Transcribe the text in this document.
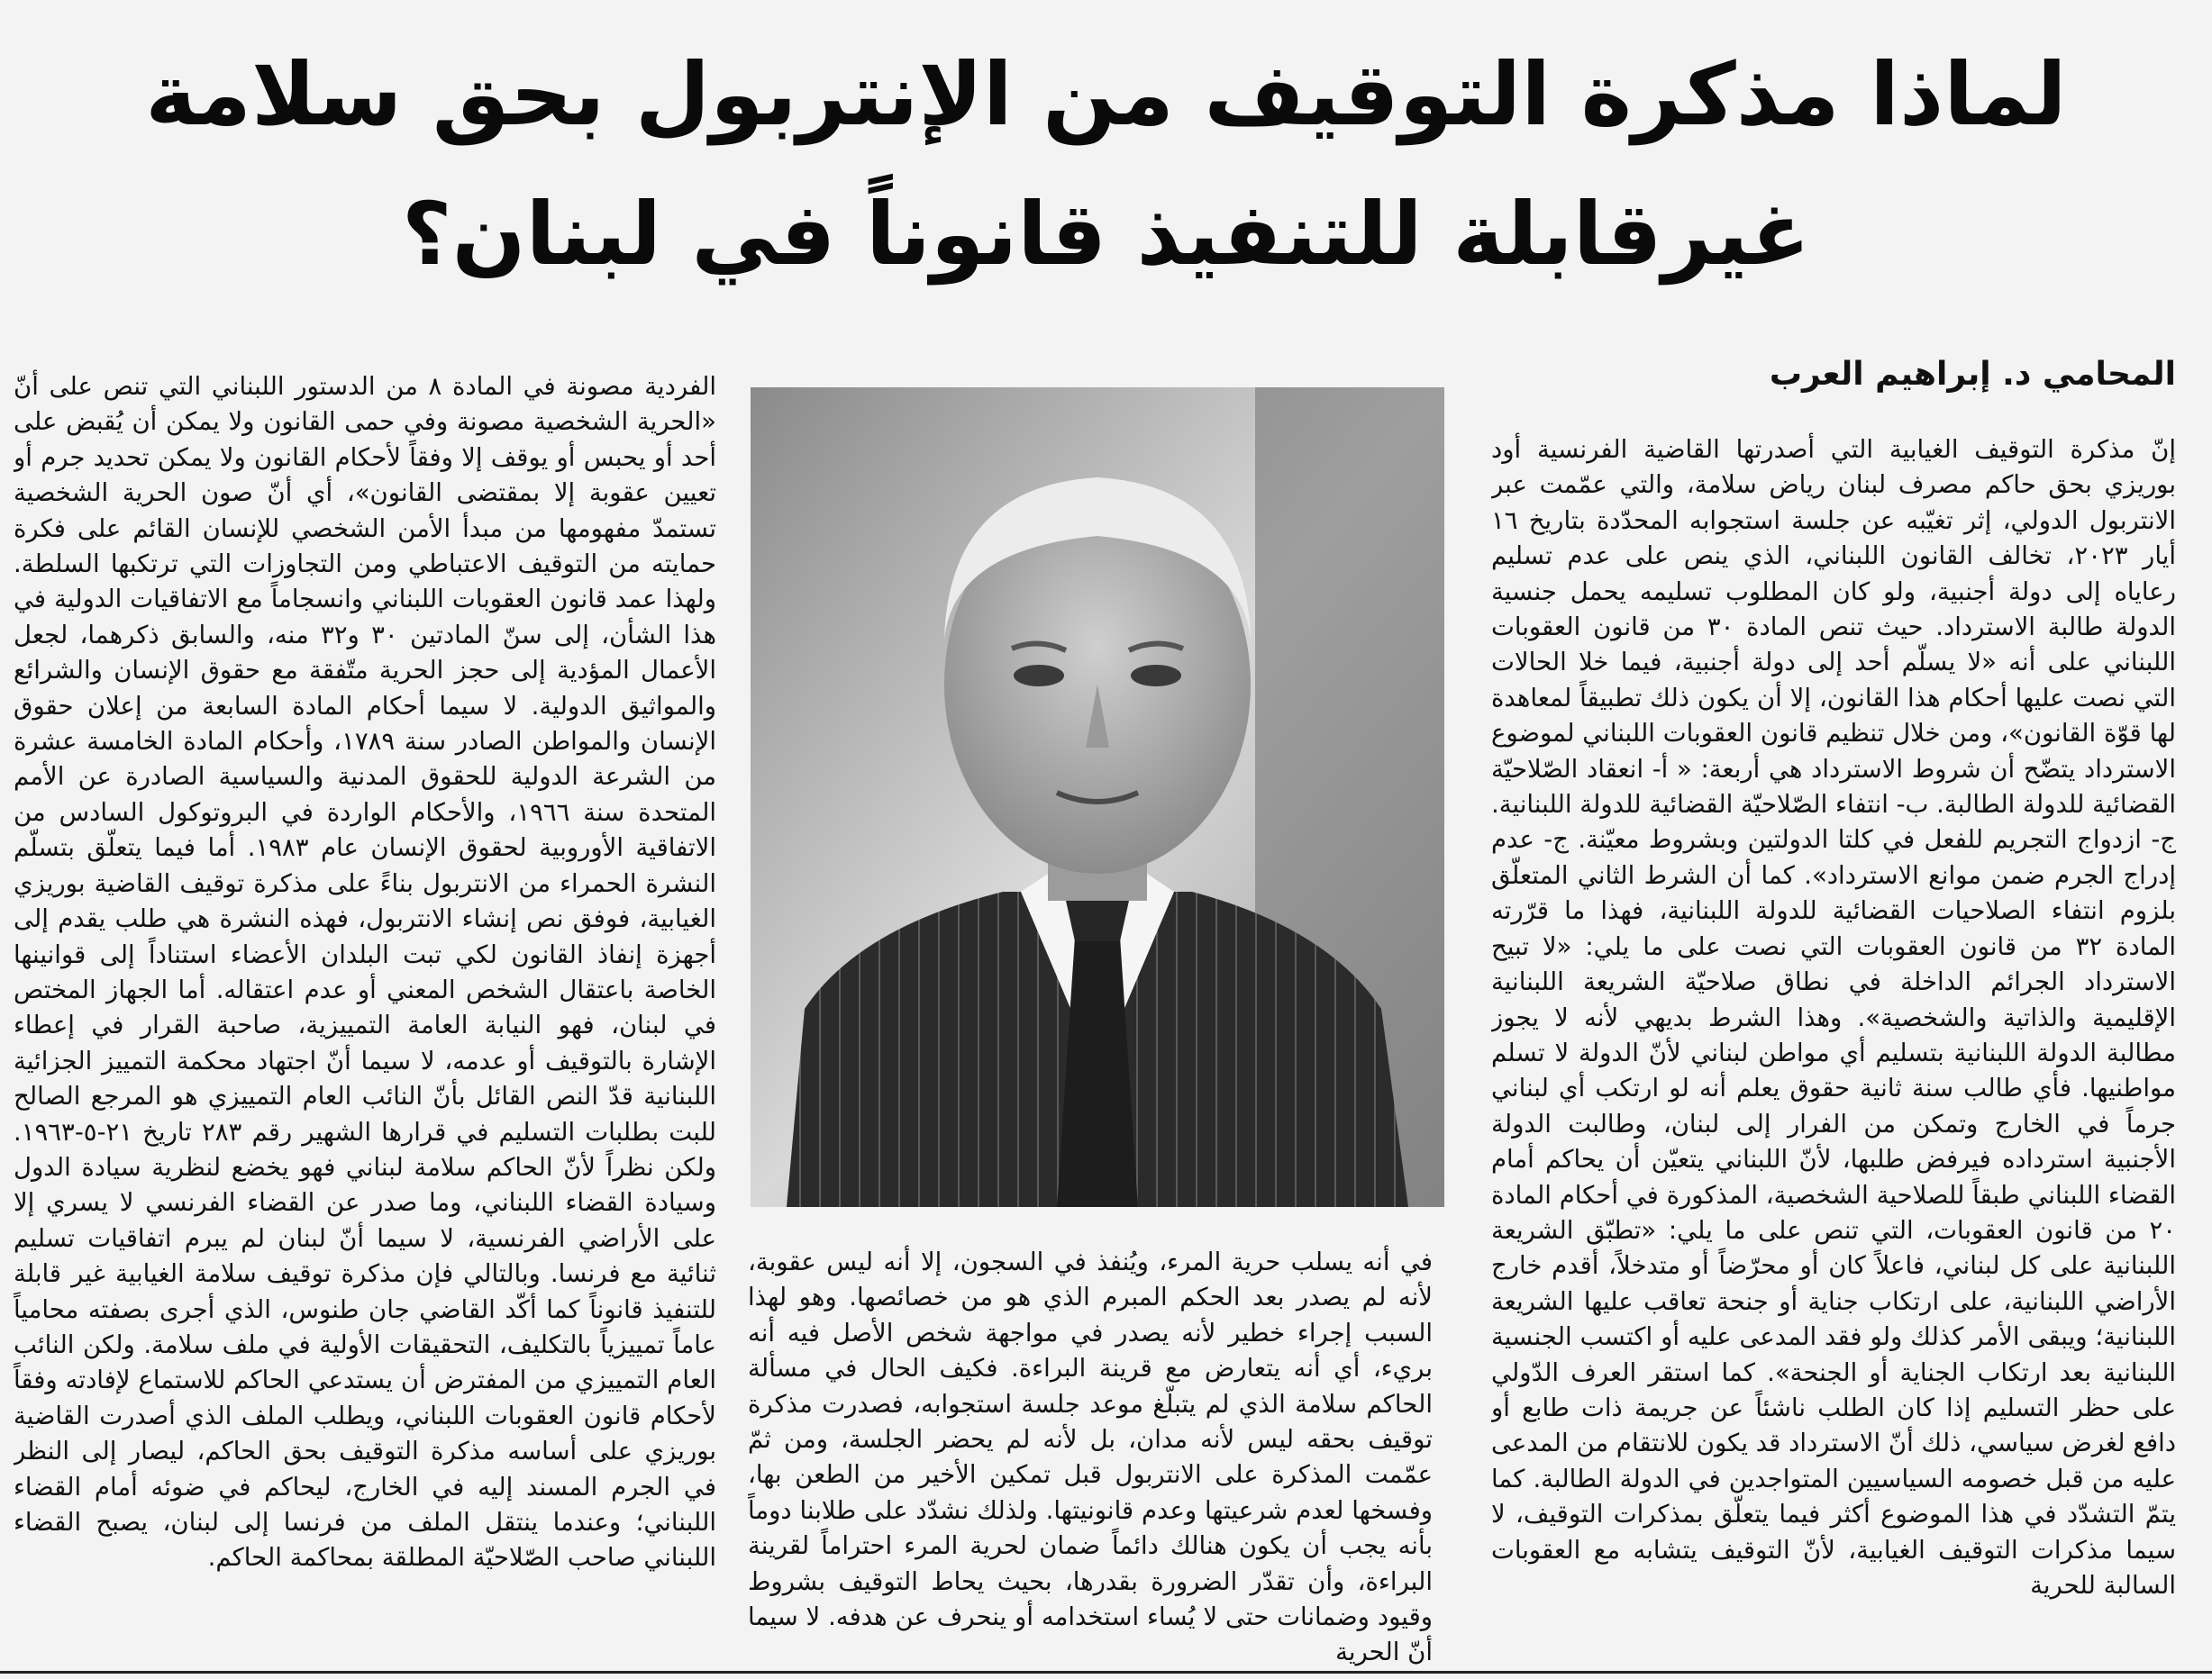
لماذا مذكرة التوقيف من الإنتربول بحق سلامة
غيرقابلة للتنفيذ قانوناً في لبنان؟
المحامي د. إبراهيم العرب

إنّ مذكرة التوقيف الغيابية التي أصدرتها القاضية الفرنسية أود بوريزي بحق حاكم مصرف لبنان رياض سلامة، والتي عمّمت عبر الانتربول الدولي، إثر تغيّبه عن جلسة استجوابه المحدّدة بتاريخ ١٦ أيار ٢٠٢٣، تخالف القانون اللبناني، الذي ينص على عدم تسليم رعاياه إلى دولة أجنبية، ولو كان المطلوب تسليمه يحمل جنسية الدولة طالبة الاسترداد. حيث تنص المادة ٣٠ من قانون العقوبات اللبناني على أنه «لا يسلّم أحد إلى دولة أجنبية، فيما خلا الحالات التي نصت عليها أحكام هذا القانون، إلا أن يكون ذلك تطبيقاً لمعاهدة لها قوّة القانون»، ومن خلال تنظيم قانون العقوبات اللبناني لموضوع الاسترداد يتضّح أن شروط الاسترداد هي أربعة: « أ- انعقاد الصّلاحيّة القضائية للدولة الطالبة. ب- انتفاء الصّلاحيّة القضائية للدولة اللبنانية. ج- ازدواج التجريم للفعل في كلتا الدولتين وبشروط معيّنة. ج- عدم إدراج الجرم ضمن موانع الاسترداد». كما أن الشرط الثاني المتعلّق بلزوم انتفاء الصلاحيات القضائية للدولة اللبنانية، فهذا ما قرّرته المادة ٣٢ من قانون العقوبات التي نصت على ما يلي: «لا تبيح الاسترداد الجرائم الداخلة في نطاق صلاحيّة الشريعة اللبنانية الإقليمية والذاتية والشخصية». وهذا الشرط بديهي لأنه لا يجوز مطالبة الدولة اللبنانية بتسليم أي مواطن لبناني لأنّ الدولة لا تسلم مواطنيها. فأي طالب سنة ثانية حقوق يعلم أنه لو ارتكب أي لبناني جرماً في الخارج وتمكن من الفرار إلى لبنان، وطالبت الدولة الأجنبية استرداده فيرفض طلبها، لأنّ اللبناني يتعيّن أن يحاكم أمام القضاء اللبناني طبقاً للصلاحية الشخصية، المذكورة في أحكام المادة ٢٠ من قانون العقوبات، التي تنص على ما يلي: «تطبّق الشريعة اللبنانية على كل لبناني، فاعلاً كان أو محرّضاً أو متدخلاً، أقدم خارج الأراضي اللبنانية، على ارتكاب جناية أو جنحة تعاقب عليها الشريعة اللبنانية؛ ويبقى الأمر كذلك ولو فقد المدعى عليه أو اكتسب الجنسية اللبنانية بعد ارتكاب الجناية أو الجنحة». كما استقر العرف الدّولي على حظر التسليم إذا كان الطلب ناشئاً عن جريمة ذات طابع أو دافع لغرض سياسي، ذلك أنّ الاسترداد قد يكون للانتقام من المدعى عليه من قبل خصومه السياسيين المتواجدين في الدولة الطالبة. كما يتمّ التشدّد في هذا الموضوع أكثر فيما يتعلّق بمذكرات التوقيف، لا سيما مذكرات التوقيف الغيابية، لأنّ التوقيف يتشابه مع العقوبات السالبة للحرية

في أنه يسلب حرية المرء، ويُنفذ في السجون، إلا أنه ليس عقوبة، لأنه لم يصدر بعد الحكم المبرم الذي هو من خصائصها. وهو لهذا السبب إجراء خطير لأنه يصدر في مواجهة شخص الأصل فيه أنه بريء، أي أنه يتعارض مع قرينة البراءة. فكيف الحال في مسألة الحاكم سلامة الذي لم يتبلّغ موعد جلسة استجوابه، فصدرت مذكرة توقيف بحقه ليس لأنه مدان، بل لأنه لم يحضر الجلسة، ومن ثمّ عمّمت المذكرة على الانتربول قبل تمكين الأخير من الطعن بها، وفسخها لعدم شرعيتها وعدم قانونيتها. ولذلك نشدّد على طلابنا دوماً بأنه يجب أن يكون هنالك دائماً ضمان لحرية المرء احتراماً لقرينة البراءة، وأن تقدّر الضرورة بقدرها، بحيث يحاط التوقيف بشروط وقيود وضمانات حتى لا يُساء استخدامه أو ينحرف عن هدفه. لا سيما أنّ الحرية

الفردية مصونة في المادة ٨ من الدستور اللبناني التي تنص على أنّ «الحرية الشخصية مصونة وفي حمى القانون ولا يمكن أن يُقبض على أحد أو يحبس أو يوقف إلا وفقاً لأحكام القانون ولا يمكن تحديد جرم أو تعيين عقوبة إلا بمقتضى القانون»، أي أنّ صون الحرية الشخصية تستمدّ مفهومها من مبدأ الأمن الشخصي للإنسان القائم على فكرة حمايته من التوقيف الاعتباطي ومن التجاوزات التي ترتكبها السلطة. ولهذا عمد قانون العقوبات اللبناني وانسجاماً مع الاتفاقيات الدولية في هذا الشأن، إلى سنّ المادتين ٣٠ و٣٢ منه، والسابق ذكرهما، لجعل الأعمال المؤدية إلى حجز الحرية متّفقة مع حقوق الإنسان والشرائع والمواثيق الدولية. لا سيما أحكام المادة السابعة من إعلان حقوق الإنسان والمواطن الصادر سنة ١٧٨٩، وأحكام المادة الخامسة عشرة من الشرعة الدولية للحقوق المدنية والسياسية الصادرة عن الأمم المتحدة سنة ١٩٦٦، والأحكام الواردة في البروتوكول السادس من الاتفاقية الأوروبية لحقوق الإنسان عام ١٩٨٣. أما فيما يتعلّق بتسلّم النشرة الحمراء من الانتربول بناءً على مذكرة توقيف القاضية بوريزي الغيابية، فوفق نص إنشاء الانتربول، فهذه النشرة هي طلب يقدم إلى أجهزة إنفاذ القانون لكي تبت البلدان الأعضاء استناداً إلى قوانينها الخاصة باعتقال الشخص المعني أو عدم اعتقاله. أما الجهاز المختص في لبنان، فهو النيابة العامة التمييزية، صاحبة القرار في إعطاء الإشارة بالتوقيف أو عدمه، لا سيما أنّ اجتهاد محكمة التمييز الجزائية اللبنانية قدّ النص القائل بأنّ النائب العام التمييزي هو المرجع الصالح للبت بطلبات التسليم في قرارها الشهير رقم ٢٨٣ تاريخ ٢١-٥-١٩٦٣. ولكن نظراً لأنّ الحاكم سلامة لبناني فهو يخضع لنظرية سيادة الدول وسيادة القضاء اللبناني، وما صدر عن القضاء الفرنسي لا يسري إلا على الأراضي الفرنسية، لا سيما أنّ لبنان لم يبرم اتفاقيات تسليم ثنائية مع فرنسا. وبالتالي فإن مذكرة توقيف سلامة الغيابية غير قابلة للتنفيذ قانوناً كما أكّد القاضي جان طنوس، الذي أجرى بصفته محامياً عاماً تمييزياً بالتكليف، التحقيقات الأولية في ملف سلامة. ولكن النائب العام التمييزي من المفترض أن يستدعي الحاكم للاستماع لإفادته وفقاً لأحكام قانون العقوبات اللبناني، ويطلب الملف الذي أصدرت القاضية بوريزي على أساسه مذكرة التوقيف بحق الحاكم، ليصار إلى النظر في الجرم المسند إليه في الخارج، ليحاكم في ضوئه أمام القضاء اللبناني؛ وعندما ينتقل الملف من فرنسا إلى لبنان، يصبح القضاء اللبناني صاحب الصّلاحيّة المطلقة بمحاكمة الحاكم.
